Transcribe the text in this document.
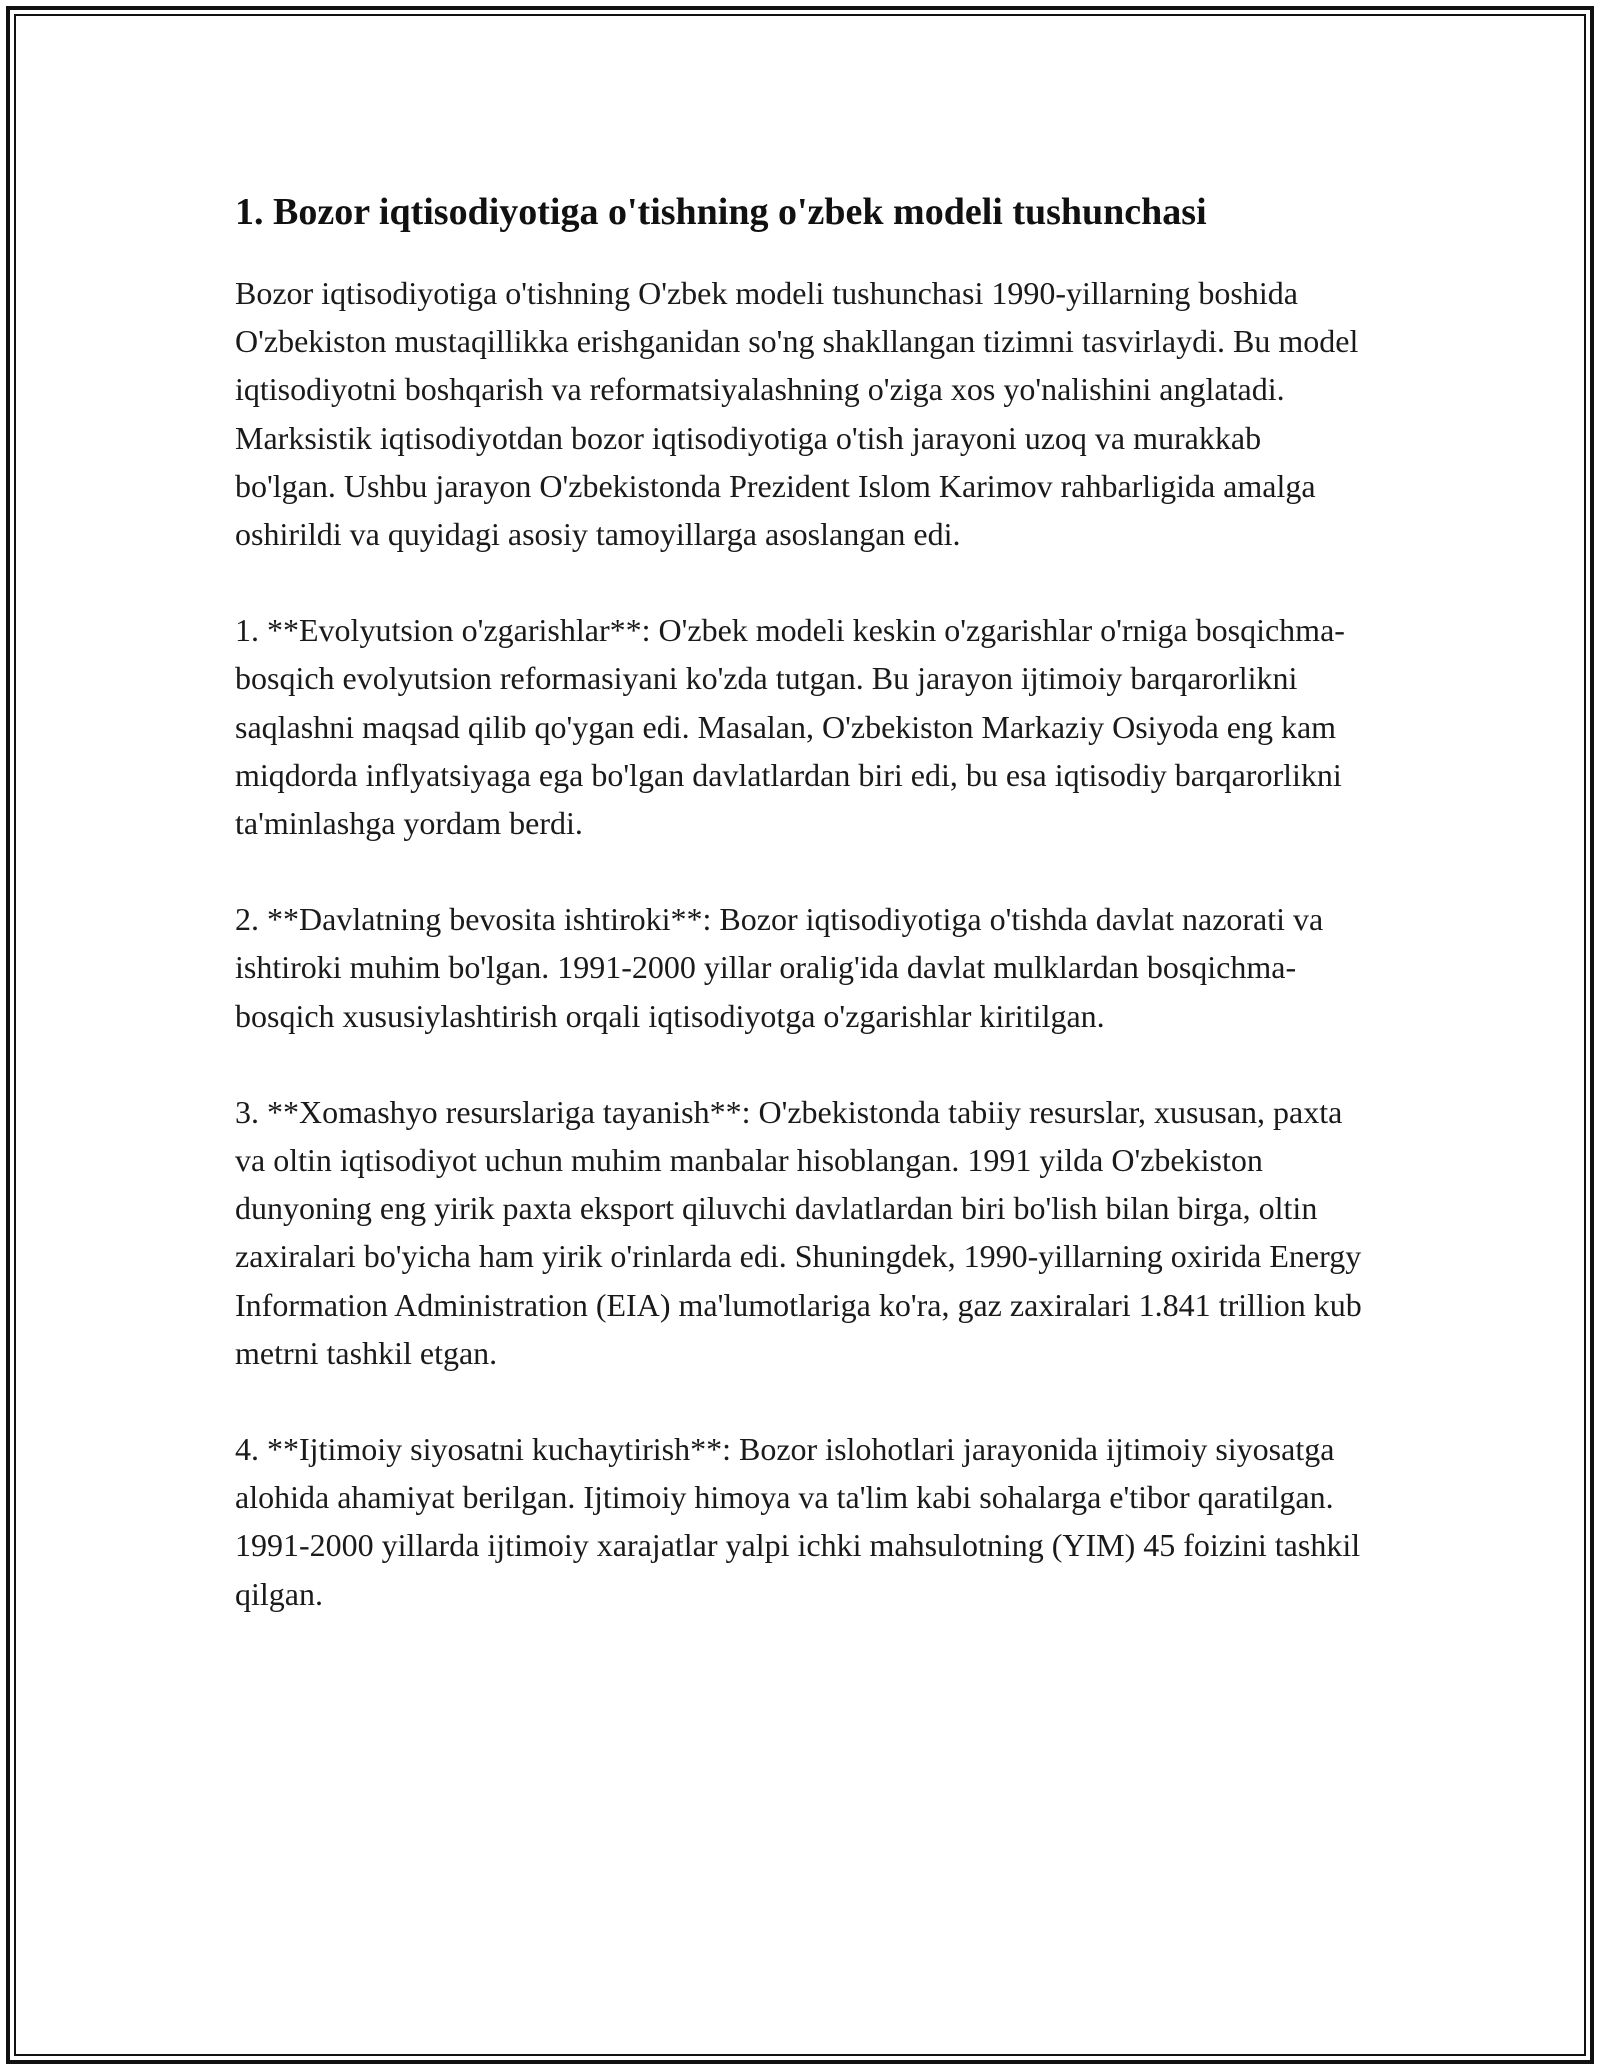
1. Bozor iqtisodiyotiga o'tishning o'zbek modeli tushunchasi

Bozor iqtisodiyotiga o'tishning O'zbek modeli tushunchasi 1990-yillarning boshida O'zbekiston mustaqillikka erishganidan so'ng shakllangan tizimni tasvirlaydi. Bu model iqtisodiyotni boshqarish va reformatsiyalashning o'ziga xos yo'nalishini anglatadi. Marksistik iqtisodiyotdan bozor iqtisodiyotiga o'tish jarayoni uzoq va murakkab bo'lgan. Ushbu jarayon O'zbekistonda Prezident Islom Karimov rahbarligida amalga oshirildi va quyidagi asosiy tamoyillarga asoslangan edi.

1. **Evolyutsion o'zgarishlar**: O'zbek modeli keskin o'zgarishlar o'rniga bosqichma-bosqich evolyutsion reformasiyani ko'zda tutgan. Bu jarayon ijtimoiy barqarorlikni saqlashni maqsad qilib qo'ygan edi. Masalan, O'zbekiston Markaziy Osiyoda eng kam miqdorda inflyatsiyaga ega bo'lgan davlatlardan biri edi, bu esa iqtisodiy barqarorlikni ta'minlashga yordam berdi.

2. **Davlatning bevosita ishtiroki**: Bozor iqtisodiyotiga o'tishda davlat nazorati va ishtiroki muhim bo'lgan. 1991-2000 yillar oralig'ida davlat mulklardan bosqichma-bosqich xususiylashtirish orqali iqtisodiyotga o'zgarishlar kiritilgan.

3. **Xomashyo resurslariga tayanish**: O'zbekistonda tabiiy resurslar, xususan, paxta va oltin iqtisodiyot uchun muhim manbalar hisoblangan. 1991 yilda O'zbekiston dunyoning eng yirik paxta eksport qiluvchi davlatlardan biri bo'lish bilan birga, oltin zaxiralari bo'yicha ham yirik o'rinlarda edi. Shuningdek, 1990-yillarning oxirida Energy Information Administration (EIA) ma'lumotlariga ko'ra, gaz zaxiralari 1.841 trillion kub metrni tashkil etgan.

4. **Ijtimoiy siyosatni kuchaytirish**: Bozor islohotlari jarayonida ijtimoiy siyosatga alohida ahamiyat berilgan. Ijtimoiy himoya va ta'lim kabi sohalarga e'tibor qaratilgan. 1991-2000 yillarda ijtimoiy xarajatlar yalpi ichki mahsulotning (YIM) 45 foizini tashkil qilgan.
